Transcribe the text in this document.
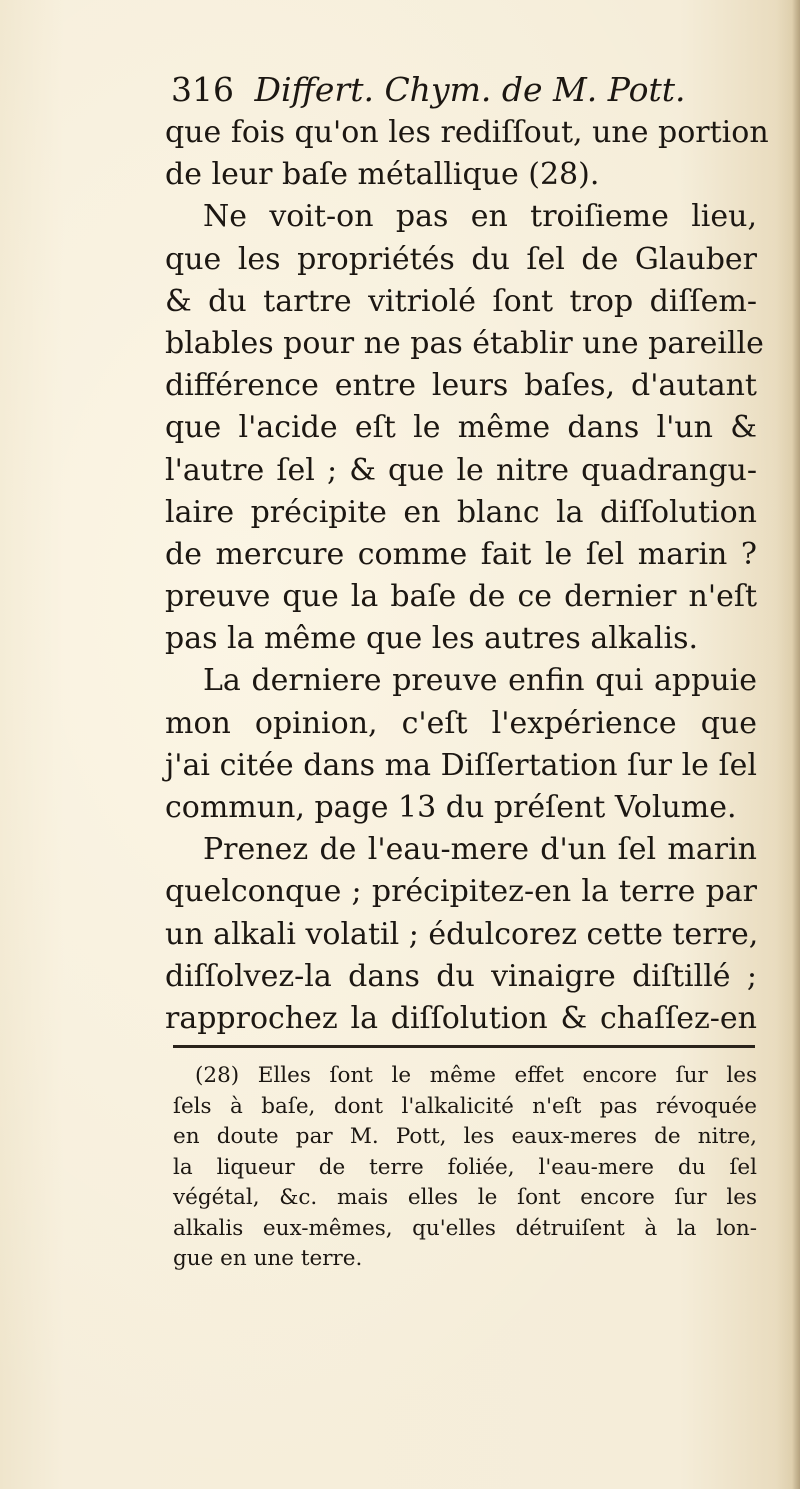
316 Differt. Chym. de M. Pott.
que fois qu'on les rediſſout, une portion
de leur baſe métallique (28).
Ne voit-on pas en troiſieme lieu,
que les propriétés du ſel de Glauber
& du tartre vitriolé ſont trop diſſem-
blables pour ne pas établir une pareille
différence entre leurs baſes, d'autant
que l'acide eſt le même dans l'un &
l'autre ſel ; & que le nitre quadrangu-
laire précipite en blanc la diſſolution
de mercure comme fait le ſel marin ?
preuve que la baſe de ce dernier n'eſt
pas la même que les autres alkalis.
La derniere preuve enfin qui appuie
mon opinion, c'eſt l'expérience que
j'ai citée dans ma Diſſertation ſur le ſel
commun, page 13 du préſent Volume.
Prenez de l'eau-mere d'un ſel marin
quelconque ; précipitez-en la terre par
un alkali volatil ; édulcorez cette terre,
diſſolvez-la dans du vinaigre diſtillé ;
rapprochez la diſſolution & chaſſez-en
(28) Elles ſont le même effet encore ſur les
ſels à baſe, dont l'alkalicité n'eſt pas révoquée
en doute par M. Pott, les eaux-meres de nitre,
la liqueur de terre foliée, l'eau-mere du ſel
végétal, &c. mais elles le ſont encore ſur les
alkalis eux-mêmes, qu'elles détruiſent à la lon-
gue en une terre.
